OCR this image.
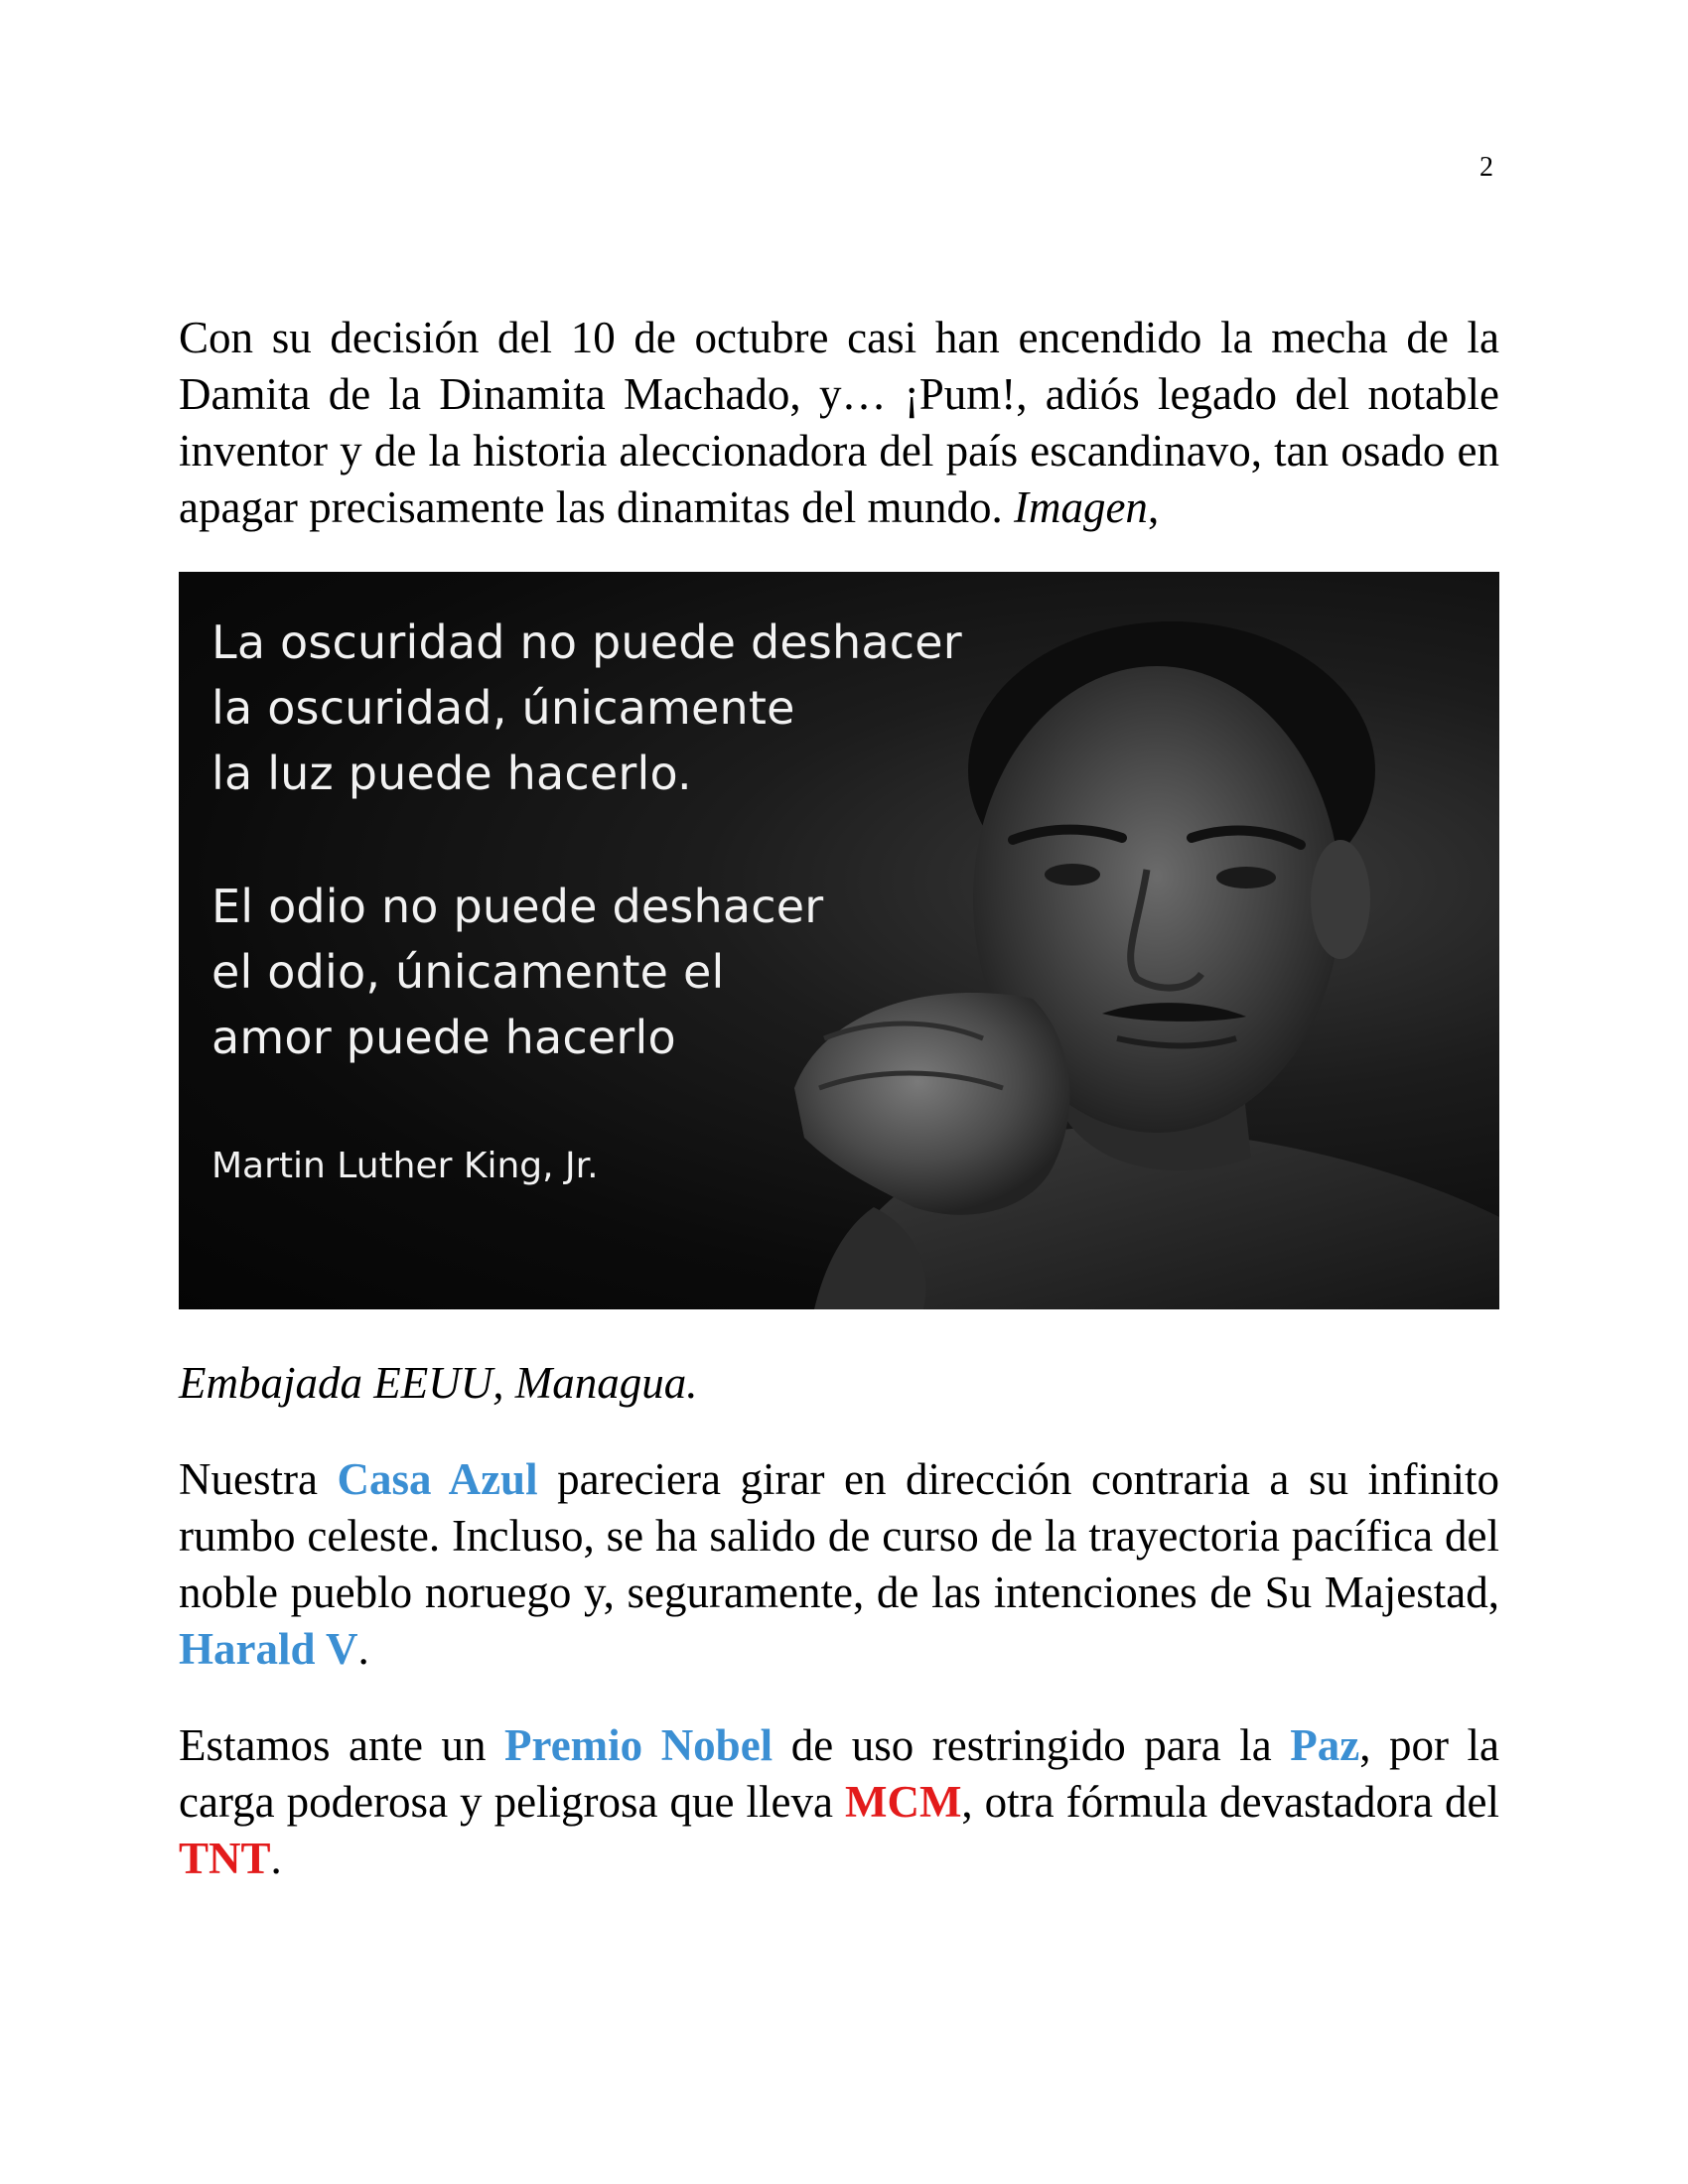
2

Con su decisión del 10 de octubre casi han encendido la mecha de la Damita de la Dinamita Machado, y… ¡Pum!, adiós legado del notable inventor y de la historia aleccionadora del país escandinavo, tan osado en apagar precisamente las dinamitas del mundo. Imagen,

La oscuridad no puede deshacer
la oscuridad, únicamente
la luz puede hacerlo.
El odio no puede deshacer
el odio, únicamente el
amor puede hacerlo
Martin Luther King, Jr.

Embajada EEUU, Managua.

Nuestra Casa Azul pareciera girar en dirección contraria a su infinito rumbo celeste. Incluso, se ha salido de curso de la trayectoria pacífica del noble pueblo noruego y, seguramente, de las intenciones de Su Majestad, Harald V.

Estamos ante un Premio Nobel de uso restringido para la Paz, por la carga poderosa y peligrosa que lleva MCM, otra fórmula devastadora del TNT.
